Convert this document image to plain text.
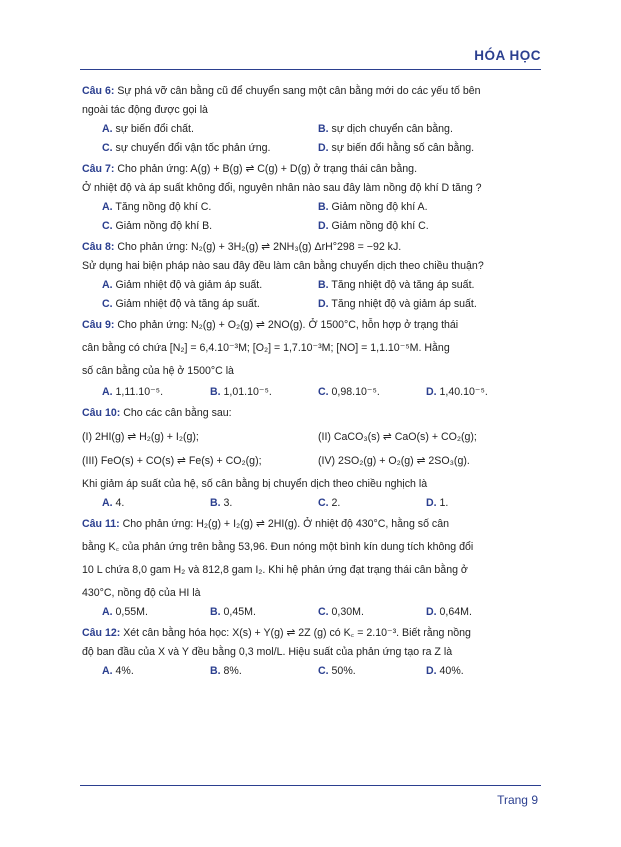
HÓA HỌC
Câu 6: Sự phá vỡ cân bằng cũ để chuyển sang một cân bằng mới do các yếu tố bên
ngoài tác động được gọi là
A. sự biến đổi chất.	B. sự dịch chuyển cân bằng.
C. sự chuyển đổi vận tốc phản ứng.	D. sự biến đổi hằng số cân bằng.
Câu 7: Cho phản ứng: A(g) + B(g) ⇌ C(g) + D(g) ở trạng thái cân bằng.
Ở nhiệt độ và áp suất không đổi, nguyên nhân nào sau đây làm nồng độ khí D tăng ?
A. Tăng nồng độ khí C.	B. Giảm nồng độ khí A.
C. Giảm nồng độ khí B.	D. Giảm nồng độ khí C.
Câu 8: Cho phản ứng: N₂(g) + 3H₂(g) ⇌ 2NH₃(g) ΔrH°298 = −92 kJ.
Sử dụng hai biện pháp nào sau đây đều làm cân bằng chuyển dịch theo chiều thuận?
A. Giảm nhiệt độ và giảm áp suất.	B. Tăng nhiệt độ và tăng áp suất.
C. Giảm nhiệt độ và tăng áp suất.	D. Tăng nhiệt độ và giảm áp suất.
Câu 9: Cho phản ứng: N₂(g) + O₂(g) ⇌ 2NO(g). Ở 1500°C, hỗn hợp ở trạng thái
cân bằng có chứa [N₂] = 6,4.10⁻³M; [O₂] = 1,7.10⁻³M; [NO] = 1,1.10⁻⁵M. Hằng
số cân bằng của hệ ở 1500°C là
A. 1,11.10⁻⁵.	B. 1,01.10⁻⁵.	C. 0,98.10⁻⁵.	D. 1,40.10⁻⁵.
Câu 10: Cho các cân bằng sau:
(I) 2HI(g) ⇌ H₂(g) + I₂(g);	(II) CaCO₃(s) ⇌ CaO(s) + CO₂(g);
(III) FeO(s) + CO(s) ⇌ Fe(s) + CO₂(g);	(IV) 2SO₂(g) + O₂(g) ⇌ 2SO₃(g).
Khi giảm áp suất của hệ, số cân bằng bị chuyển dịch theo chiều nghịch là
A. 4.	B. 3.	C. 2.	D. 1.
Câu 11: Cho phản ứng: H₂(g) + I₂(g) ⇌ 2HI(g). Ở nhiệt độ 430°C, hằng số cân
bằng K꜀ của phản ứng trên bằng 53,96. Đun nóng một bình kín dung tích không đổi
10 L chứa 8,0 gam H₂ và 812,8 gam I₂. Khi hệ phản ứng đạt trạng thái cân bằng ở
430°C, nồng độ của HI là
A. 0,55M.	B. 0,45M.	C. 0,30M.	D. 0,64M.
Câu 12: Xét cân bằng hóa học: X(s) + Y(g) ⇌ 2Z (g) có K꜀ = 2.10⁻³. Biết rằng nồng
độ ban đầu của X và Y đều bằng 0,3 mol/L. Hiệu suất của phản ứng tạo ra Z là
A. 4%.	B. 8%.	C. 50%.	D. 40%.
Trang 9
